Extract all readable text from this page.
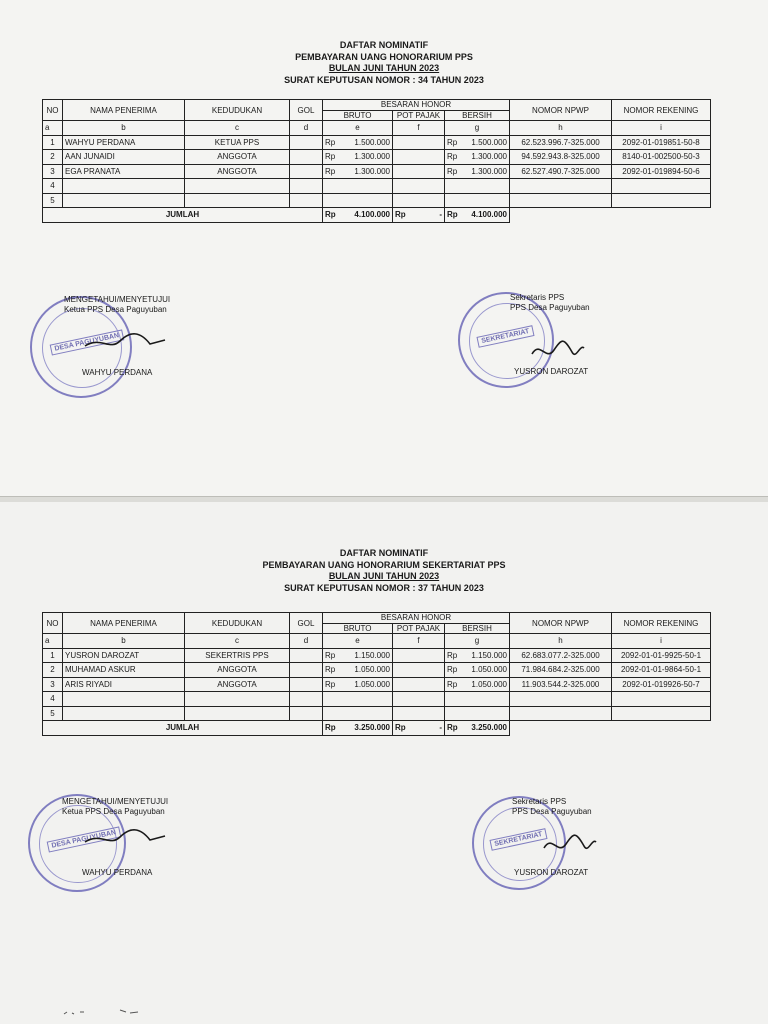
DAFTAR NOMINATIF
PEMBAYARAN UANG HONORARIUM PPS
BULAN JUNI TAHUN 2023
SURAT KEPUTUSAN NOMOR : 34 TAHUN 2023
NO	NAMA PENERIMA	KEDUDUKAN	GOL	BESARAN HONOR					NOMOR NPWP	NOMOR REKENING
				BRUTO		POT PAJAK	BERSIH			
a	b	c	d	e		f	g		h	i
1	WAHYU PERDANA	KETUA PPS		Rp	1.500.000		Rp	1.500.000	62.523.996.7-325.000	2092-01-019851-50-8
2	AAN JUNAIDI	ANGGOTA		Rp	1.300.000		Rp	1.300.000	94.592.943.8-325.000	8140-01-002500-50-3
3	EGA PRANATA	ANGGOTA		Rp	1.300.000		Rp	1.300.000	62.527.490.7-325.000	2092-01-019894-50-6
4										
5										
JUMLAH				Rp	4.100.000	Rp -	Rp	4.100.000		
DESA PAGUYUBAN
MENGETAHUI/MENYETUJUI
Ketua PPS Desa Paguyuban
WAHYU PERDANA
SEKRETARIAT
Sekretaris PPS
PPS Desa Paguyuban
YUSRON DAROZAT
DAFTAR NOMINATIF
PEMBAYARAN UANG HONORARIUM SEKERTARIAT PPS
BULAN JUNI TAHUN 2023
SURAT KEPUTUSAN NOMOR : 37 TAHUN 2023
NO	NAMA PENERIMA	KEDUDUKAN	GOL	BESARAN HONOR					NOMOR NPWP	NOMOR REKENING
				BRUTO		POT PAJAK	BERSIH			
a	b	c	d	e		f	g		h	i
1	YUSRON DAROZAT	SEKERTRIS PPS		Rp	1.150.000		Rp	1.150.000	62.683.077.2-325.000	2092-01-01-9925-50-1
2	MUHAMAD ASKUR	ANGGOTA		Rp	1.050.000		Rp	1.050.000	71.984.684.2-325.000	2092-01-01-9864-50-1
3	ARIS RIYADI	ANGGOTA		Rp	1.050.000		Rp	1.050.000	11.903.544.2-325.000	2092-01-019926-50-7
4										
5										
JUMLAH				Rp	3.250.000	Rp -	Rp	3.250.000		
DESA PAGUYUBAN
MENGETAHUI/MENYETUJUI
Ketua PPS Desa Paguyuban
WAHYU PERDANA
SEKRETARIAT
Sekretaris PPS
PPS Desa Paguyuban
YUSRON DAROZAT
